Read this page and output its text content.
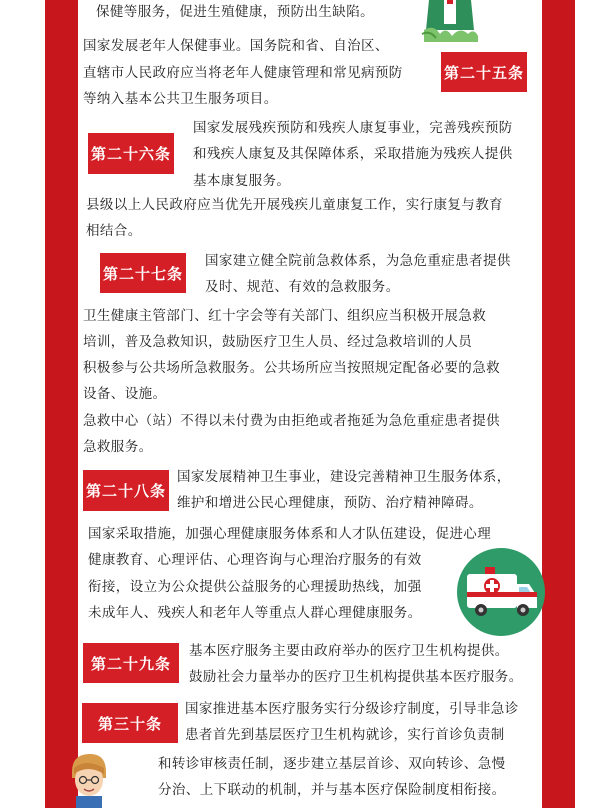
保健等服务，促进生殖健康，预防出生缺陷。
国家发展老年人保健事业。国务院和省、自治区、
直辖市人民政府应当将老年人健康管理和常见病预防
等纳入基本公共卫生服务项目。
第二十五条
第二十六条
国家发展残疾预防和残疾人康复事业，完善残疾预防
和残疾人康复及其保障体系，采取措施为残疾人提供
基本康复服务。
县级以上人民政府应当优先开展残疾儿童康复工作，实行康复与教育
相结合。
第二十七条
国家建立健全院前急救体系，为急危重症患者提供
及时、规范、有效的急救服务。
卫生健康主管部门、红十字会等有关部门、组织应当积极开展急救
培训，普及急救知识，鼓励医疗卫生人员、经过急救培训的人员
积极参与公共场所急救服务。公共场所应当按照规定配备必要的急救
设备、设施。
急救中心（站）不得以未付费为由拒绝或者拖延为急危重症患者提供
急救服务。
第二十八条
国家发展精神卫生事业，建设完善精神卫生服务体系，
维护和增进公民心理健康，预防、治疗精神障碍。
国家采取措施，加强心理健康服务体系和人才队伍建设，促进心理
健康教育、心理评估、心理咨询与心理治疗服务的有效
衔接，设立为公众提供公益服务的心理援助热线，加强
未成年人、残疾人和老年人等重点人群心理健康服务。
第二十九条
基本医疗服务主要由政府举办的医疗卫生机构提供。
鼓励社会力量举办的医疗卫生机构提供基本医疗服务。
第三十条
国家推进基本医疗服务实行分级诊疗制度，引导非急诊
患者首先到基层医疗卫生机构就诊，实行首诊负责制
和转诊审核责任制，逐步建立基层首诊、双向转诊、急慢
分治、上下联动的机制，并与基本医疗保险制度相衔接。
